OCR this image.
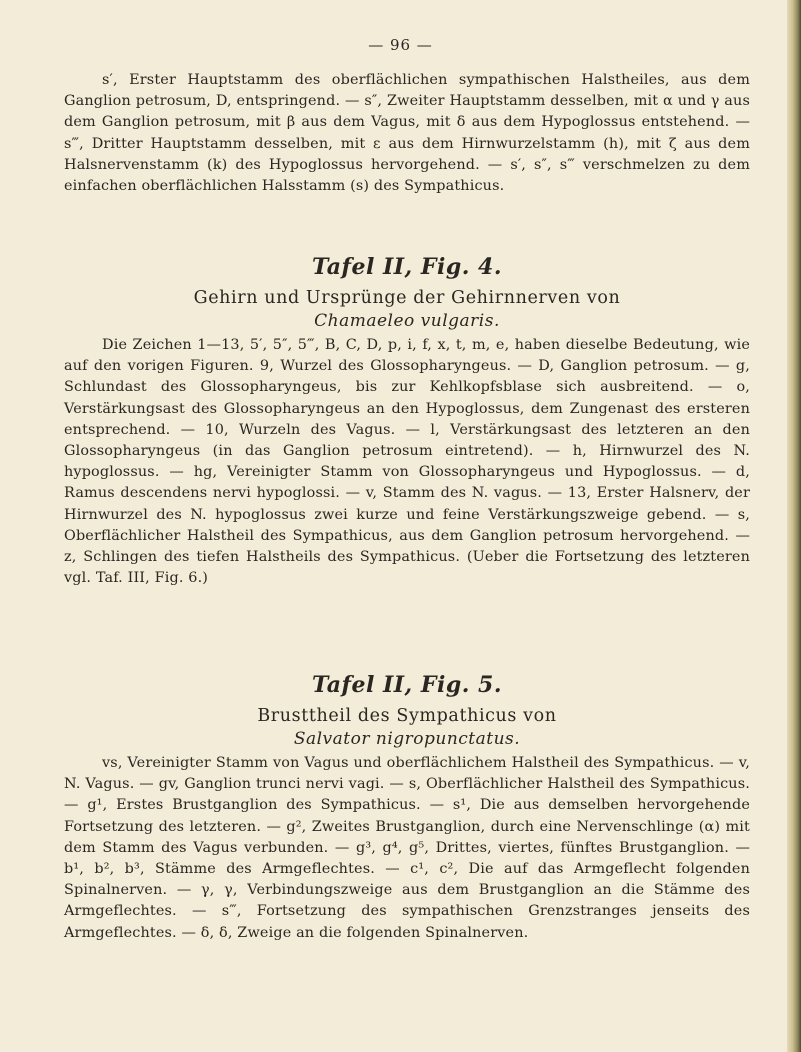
— 96 —

s′, Erster Hauptstamm des oberflächlichen sympathischen Halstheiles, aus dem Ganglion petrosum, D, entspringend. — s″, Zweiter Hauptstamm desselben, mit α und γ aus dem Ganglion petrosum, mit β aus dem Vagus, mit δ aus dem Hypoglossus entstehend. — s‴, Dritter Hauptstamm desselben, mit ε aus dem Hirnwurzelstamm (h), mit ζ aus dem Halsnervenstamm (k) des Hypoglossus hervorgehend. — s′, s″, s‴ verschmelzen zu dem einfachen oberflächlichen Halsstamm (s) des Sympathicus.

Tafel II, Fig. 4.

Gehirn und Ursprünge der Gehirnnerven von

Chamaeleo vulgaris.

Die Zeichen 1—13, 5′, 5″, 5‴, B, C, D, p, i, f, x, t, m, e, haben dieselbe Bedeutung, wie auf den vorigen Figuren. 9, Wurzel des Glossopharyngeus. — D, Ganglion petrosum. — g, Schlundast des Glossopharyngeus, bis zur Kehlkopfsblase sich ausbreitend. — o, Verstärkungsast des Glossopharyngeus an den Hypoglossus, dem Zungenast des ersteren entsprechend. — 10, Wurzeln des Vagus. — l, Verstärkungsast des letzteren an den Glossopharyngeus (in das Ganglion petrosum eintretend). — h, Hirnwurzel des N. hypoglossus. — hg, Vereinigter Stamm von Glossopharyngeus und Hypoglossus. — d, Ramus descendens nervi hypoglossi. — v, Stamm des N. vagus. — 13, Erster Halsnerv, der Hirnwurzel des N. hypoglossus zwei kurze und feine Verstärkungszweige gebend. — s, Oberflächlicher Halstheil des Sympathicus, aus dem Ganglion petrosum hervorgehend. — z, Schlingen des tiefen Halstheils des Sympathicus. (Ueber die Fortsetzung des letzteren vgl. Taf. III, Fig. 6.)

Tafel II, Fig. 5.

Brusttheil des Sympathicus von

Salvator nigropunctatus.

vs, Vereinigter Stamm von Vagus und oberflächlichem Halstheil des Sympathicus. — v, N. Vagus. — gv, Ganglion trunci nervi vagi. — s, Oberflächlicher Halstheil des Sympathicus. — g¹, Erstes Brustganglion des Sympathicus. — s¹, Die aus demselben hervorgehende Fortsetzung des letzteren. — g², Zweites Brustganglion, durch eine Nervenschlinge (α) mit dem Stamm des Vagus verbunden. — g³, g⁴, g⁵, Drittes, viertes, fünftes Brustganglion. — b¹, b², b³, Stämme des Armgeflechtes. — c¹, c², Die auf das Armgeflecht folgenden Spinalnerven. — γ, γ, Verbindungszweige aus dem Brustganglion an die Stämme des Armgeflechtes. — s‴, Fortsetzung des sympathischen Grenzstranges jenseits des Armgeflechtes. — δ, δ, Zweige an die folgenden Spinalnerven.
